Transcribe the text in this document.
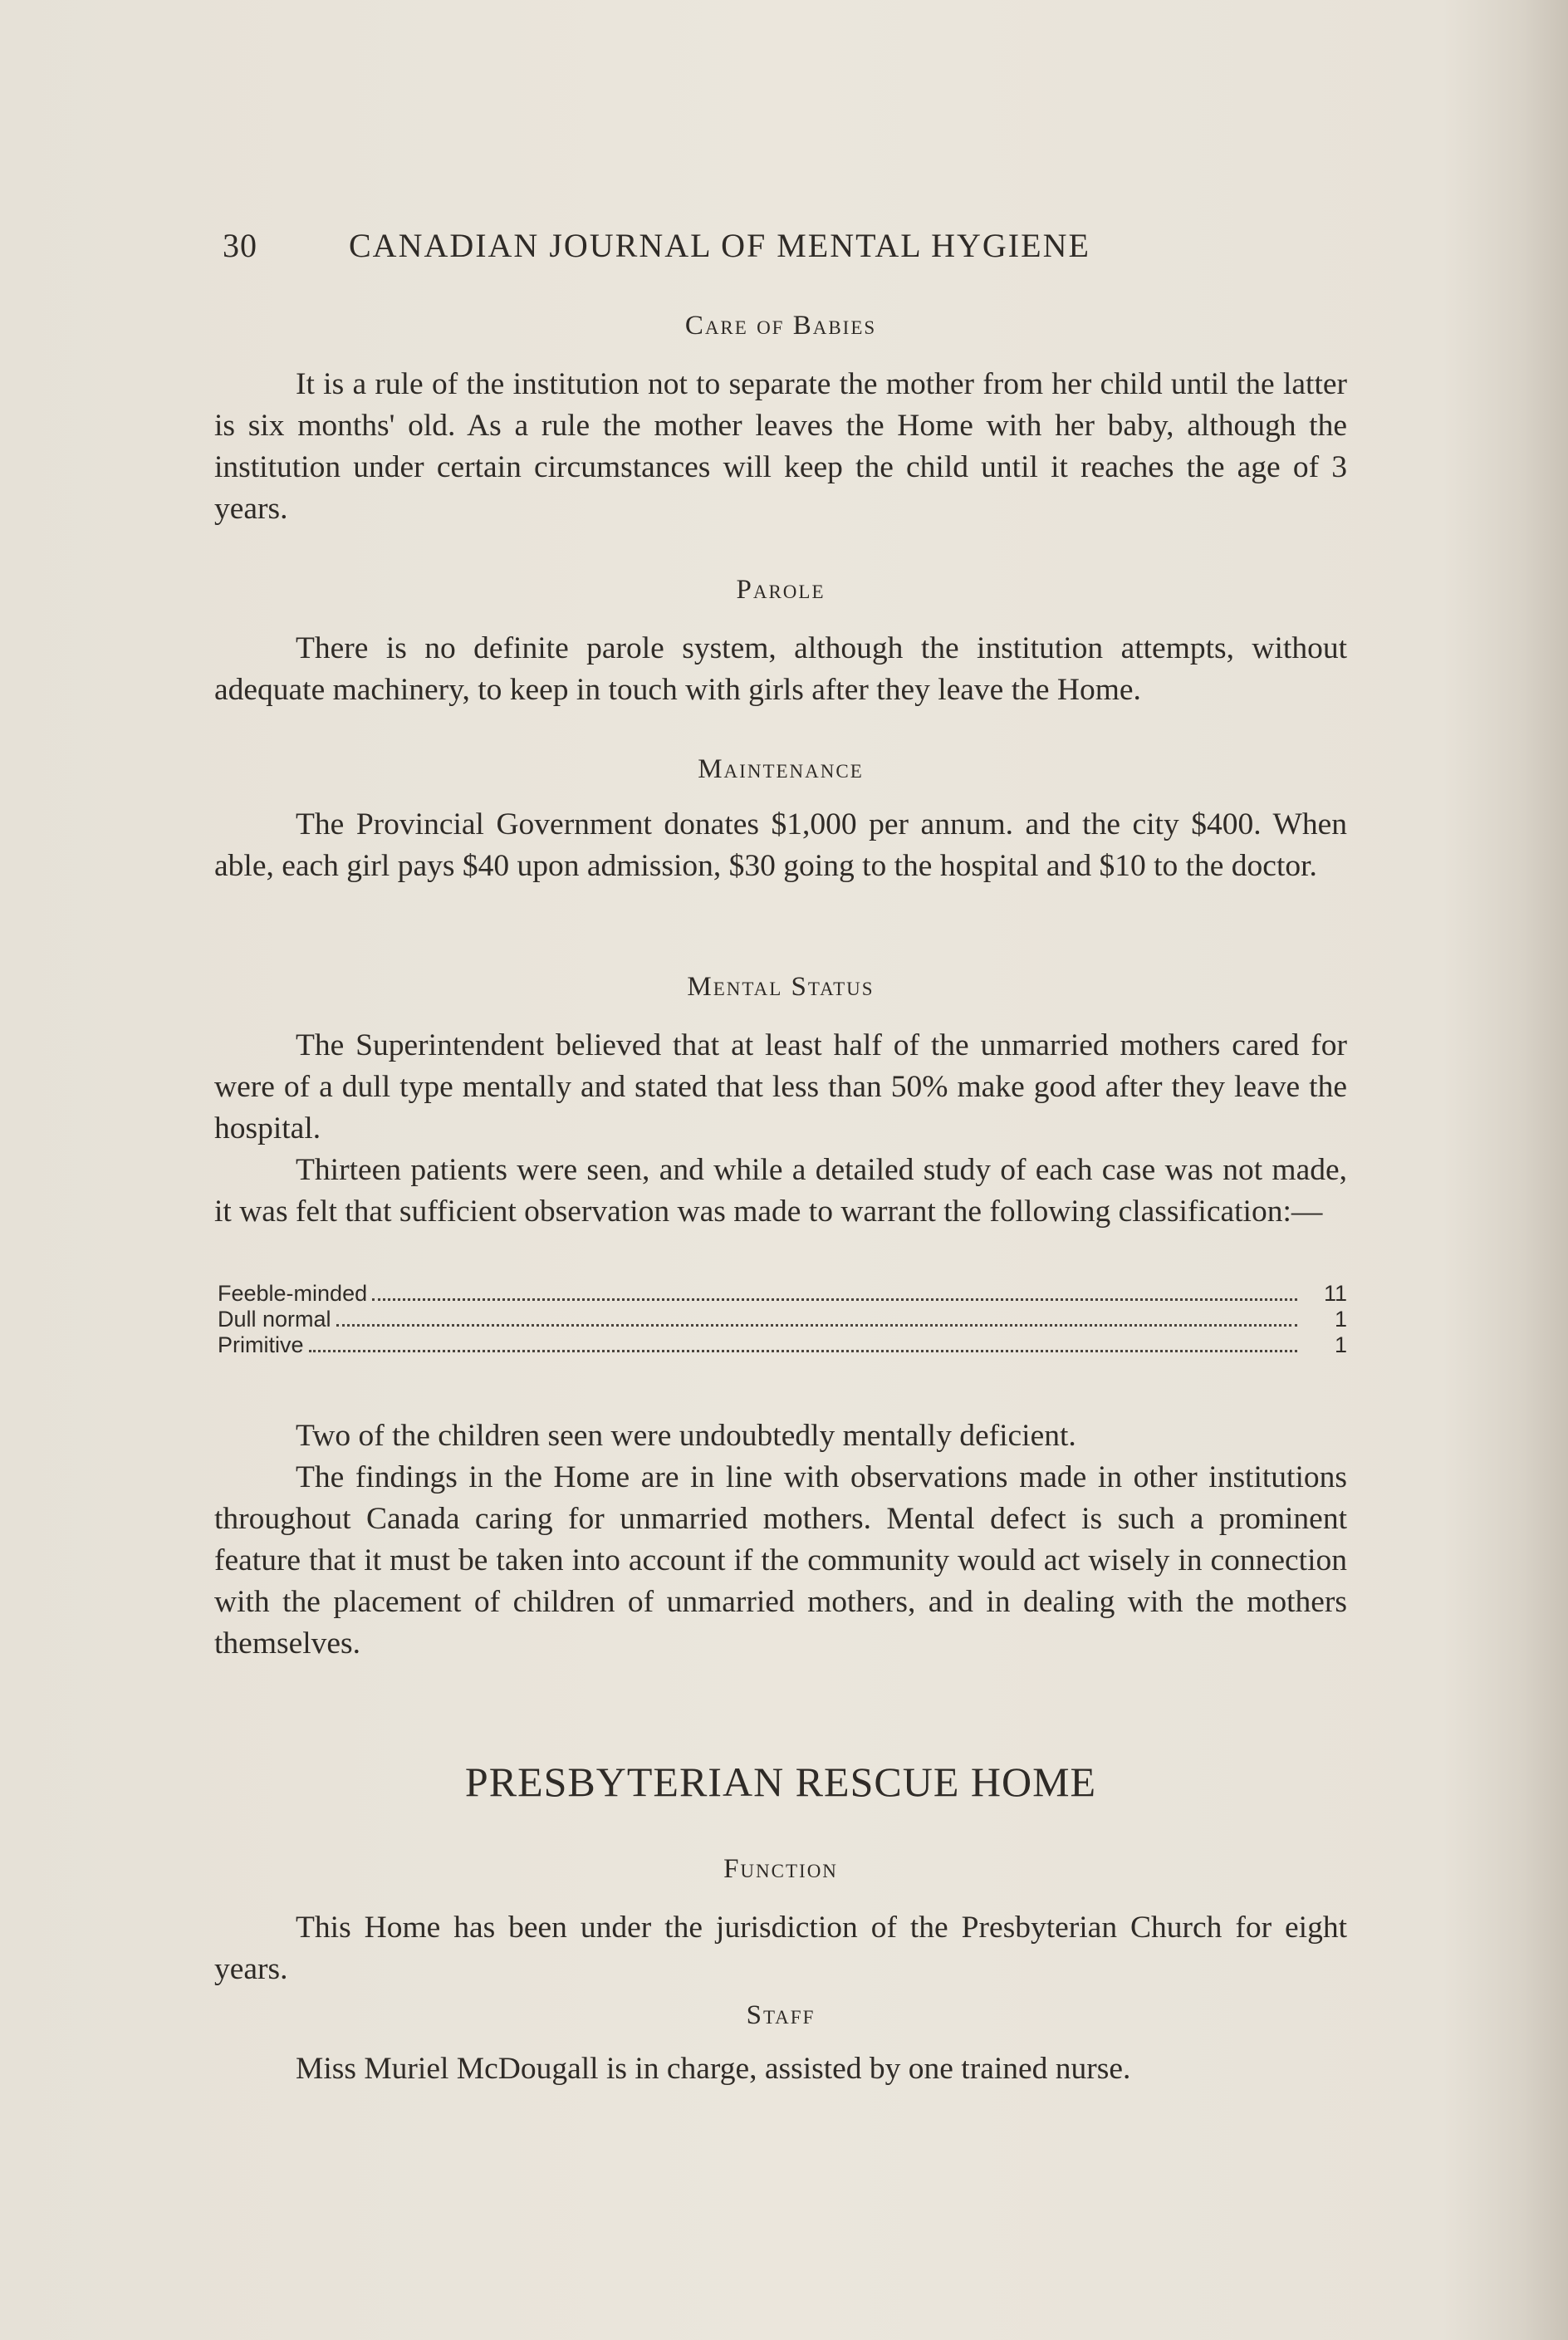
30	CANADIAN JOURNAL OF MENTAL HYGIENE
Care of Babies

It is a rule of the institution not to separate the mother from her child until the latter is six months' old. As a rule the mother leaves the Home with her baby, although the institution under certain circumstances will keep the child until it reaches the age of 3 years.

Parole

There is no definite parole system, although the institution attempts, without adequate machinery, to keep in touch with girls after they leave the Home.

Maintenance

The Provincial Government donates $1,000 per annum. and the city $400. When able, each girl pays $40 upon admission, $30 going to the hospital and $10 to the doctor.

Mental Status

The Superintendent believed that at least half of the unmarried mothers cared for were of a dull type mentally and stated that less than 50% make good after they leave the hospital.

Thirteen patients were seen, and while a detailed study of each case was not made, it was felt that sufficient observation was made to warrant the following classification:—

Feeble-minded	11
Dull normal	1
Primitive	1

Two of the children seen were undoubtedly mentally deficient.

The findings in the Home are in line with observations made in other institutions throughout Canada caring for unmarried mothers. Mental defect is such a prominent feature that it must be taken into account if the community would act wisely in connection with the placement of children of unmarried mothers, and in dealing with the mothers themselves.

PRESBYTERIAN RESCUE HOME
Function

This Home has been under the jurisdiction of the Presbyterian Church for eight years.

Staff

Miss Muriel McDougall is in charge, assisted by one trained nurse.
